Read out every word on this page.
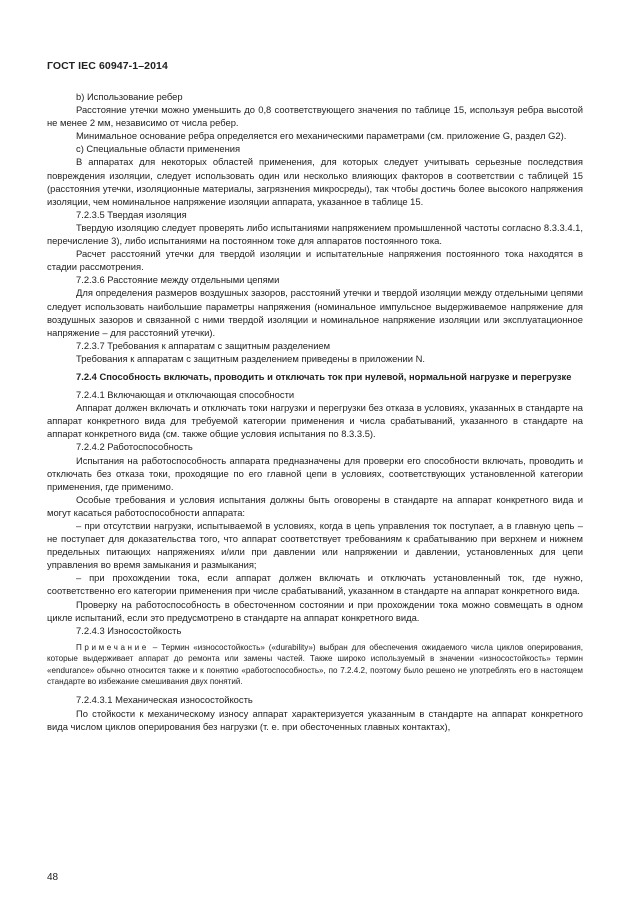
ГОСТ IEC 60947-1–2014

b) Использование ребер

Расстояние утечки можно уменьшить до 0,8 соответствующего значения по таблице 15, используя ребра высотой не менее 2 мм, независимо от числа ребер.

Минимальное основание ребра определяется его механическими параметрами (см. приложение G, раздел G2).

c) Специальные области применения

В аппаратах для некоторых областей применения, для которых следует учитывать серьезные последствия повреждения изоляции, следует использовать один или несколько влияющих факторов в соответствии с таблицей 15 (расстояния утечки, изоляционные материалы, загрязнения микросреды), так чтобы достичь более высокого напряжения изоляции, чем номинальное напряжение изоляции аппарата, указанное в таблице 15.

7.2.3.5 Твердая изоляция

Твердую изоляцию следует проверять либо испытаниями напряжением промышленной частоты согласно 8.3.3.4.1, перечисление 3), либо испытаниями на постоянном токе для аппаратов постоянного тока.

Расчет расстояний утечки для твердой изоляции и испытательные напряжения постоянного тока находятся в стадии рассмотрения.

7.2.3.6 Расстояние между отдельными цепями

Для определения размеров воздушных зазоров, расстояний утечки и твердой изоляции между отдельными цепями следует использовать наибольшие параметры напряжения (номинальное импульсное выдерживаемое напряжение для воздушных зазоров и связанной с ними твердой изоляции и номинальное напряжение изоляции или эксплуатационное напряжение – для расстояний утечки).

7.2.3.7 Требования к аппаратам с защитным разделением

Требования к аппаратам с защитным разделением приведены в приложении N.

7.2.4 Способность включать, проводить и отключать ток при нулевой, нормальной нагрузке и перегрузке

7.2.4.1 Включающая и отключающая способности

Аппарат должен включать и отключать токи нагрузки и перегрузки без отказа в условиях, указанных в стандарте на аппарат конкретного вида для требуемой категории применения и числа срабатываний, указанного в стандарте на аппарат конкретного вида (см. также общие условия испытания по 8.3.3.5).

7.2.4.2 Работоспособность

Испытания на работоспособность аппарата предназначены для проверки его способности включать, проводить и отключать без отказа токи, проходящие по его главной цепи в условиях, соответствующих установленной категории применения, где применимо.

Особые требования и условия испытания должны быть оговорены в стандарте на аппарат конкретного вида и могут касаться работоспособности аппарата:

– при отсутствии нагрузки, испытываемой в условиях, когда в цепь управления ток поступает, а в главную цепь – не поступает для доказательства того, что аппарат соответствует требованиям к срабатыванию при верхнем и нижнем предельных питающих напряжениях и/или при давлении или напряжении и давлении, установленных для цепи управления во время замыкания и размыкания;

– при прохождении тока, если аппарат должен включать и отключать установленный ток, где нужно, соответственно его категории применения при числе срабатываний, указанном в стандарте на аппарат конкретного вида.

Проверку на работоспособность в обесточенном состоянии и при прохождении тока можно совмещать в одном цикле испытаний, если это предусмотрено в стандарте на аппарат конкретного вида.

7.2.4.3 Износостойкость

Примечание – Термин «износостойкость» («durability») выбран для обеспечения ожидаемого числа циклов оперирования, которые выдерживает аппарат до ремонта или замены частей. Также широко используемый в значении «износостойкость» термин «endurance» обычно относится также и к понятию «работоспособность», по 7.2.4.2, поэтому было решено не употреблять его в настоящем стандарте во избежание смешивания двух понятий.

7.2.4.3.1 Механическая износостойкость

По стойкости к механическому износу аппарат характеризуется указанным в стандарте на аппарат конкретного вида числом циклов оперирования без нагрузки (т. е. при обесточенных главных контактах),

48
